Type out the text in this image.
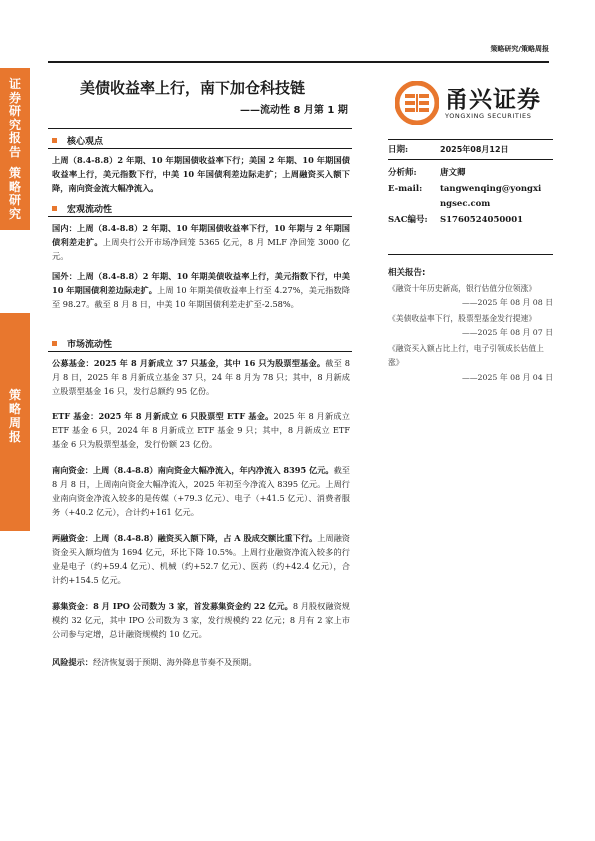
证券研究报告
策略研究
策略周报
策略研究/策略周报
美债收益率上行，南下加仓科技链
——流动性 8 月第 1 期	甬兴证券
YONGXING SECURITIES
核心观点
上周（8.4-8.8）2 年期、10 年期国债收益率下行；美国 2 年期、10 年期国债收益率上行，美元指数下行，中美 10 年国债利差边际走扩；上周融资买入额下降，南向资金流大幅净流入。
宏观流动性
国内：上周（8.4-8.8）2 年期、10 年期国债收益率下行，10 年期与 2 年期国债利差走扩。上周央行公开市场净回笼 5365 亿元，8 月 MLF 净回笼 3000 亿元。
国外：上周（8.4-8.8）2 年期、10 年期美债收益率上行，美元指数下行，中美 10 年期国债利差边际走扩。上周 10 年期美债收益率上行至 4.27%，美元指数降至 98.27。截至 8 月 8 日，中美 10 年期国债利差走扩至-2.58%。
市场流动性
公募基金：2025 年 8 月新成立 37 只基金，其中 16 只为股票型基金。截至 8 月 8 日，2025 年 8 月新成立基金 37 只，24 年 8 月为 78 只；其中，8 月新成立股票型基金 16 只，发行总额约 95 亿份。
ETF 基金：2025 年 8 月新成立 6 只股票型 ETF 基金。2025 年 8 月新成立 ETF 基金 6 只，2024 年 8 月新成立 ETF 基金 9 只；其中，8 月新成立 ETF 基金 6 只为股票型基金，发行份额 23 亿份。
南向资金：上周（8.4-8.8）南向资金大幅净流入，年内净流入 8395 亿元。截至 8 月 8 日，上周南向资金大幅净流入，2025 年初至今净流入 8395 亿元。上周行业南向资金净流入较多的是传媒（+79.3 亿元）、电子（+41.5 亿元）、消费者服务（+40.2 亿元），合计约+161 亿元。
两融资金：上周（8.4-8.8）融资买入额下降，占 A 股成交额比重下行。上周融资资金买入额均值为 1694 亿元，环比下降 10.5%。上周行业融资净流入较多的行业是电子（约+59.4 亿元）、机械（约+52.7 亿元）、医药（约+42.4 亿元），合计约+154.5 亿元。
募集资金：8 月 IPO 公司数为 3 家，首发募集资金约 22 亿元。8 月股权融资规模约 32 亿元，其中 IPO 公司数为 3 家，发行规模约 22 亿元；8 月有 2 家上市公司参与定增，总计融资规模约 10 亿元。
风险提示：经济恢复弱于预期、海外降息节奏不及预期。
日期:	2025年08月12日
分析师:	唐文卿
E-mail: tangwenqing@yongxi
ngsec.com
SAC编号: S1760524050001
相关报告:
《融资十年历史新高，银行估值分位领涨》
——2025 年 08 月 08 日
《美债收益率下行，股票型基金发行提速》
——2025 年 08 月 07 日
《融资买入额占比上行，电子引领成长估值上涨》
——2025 年 08 月 04 日
